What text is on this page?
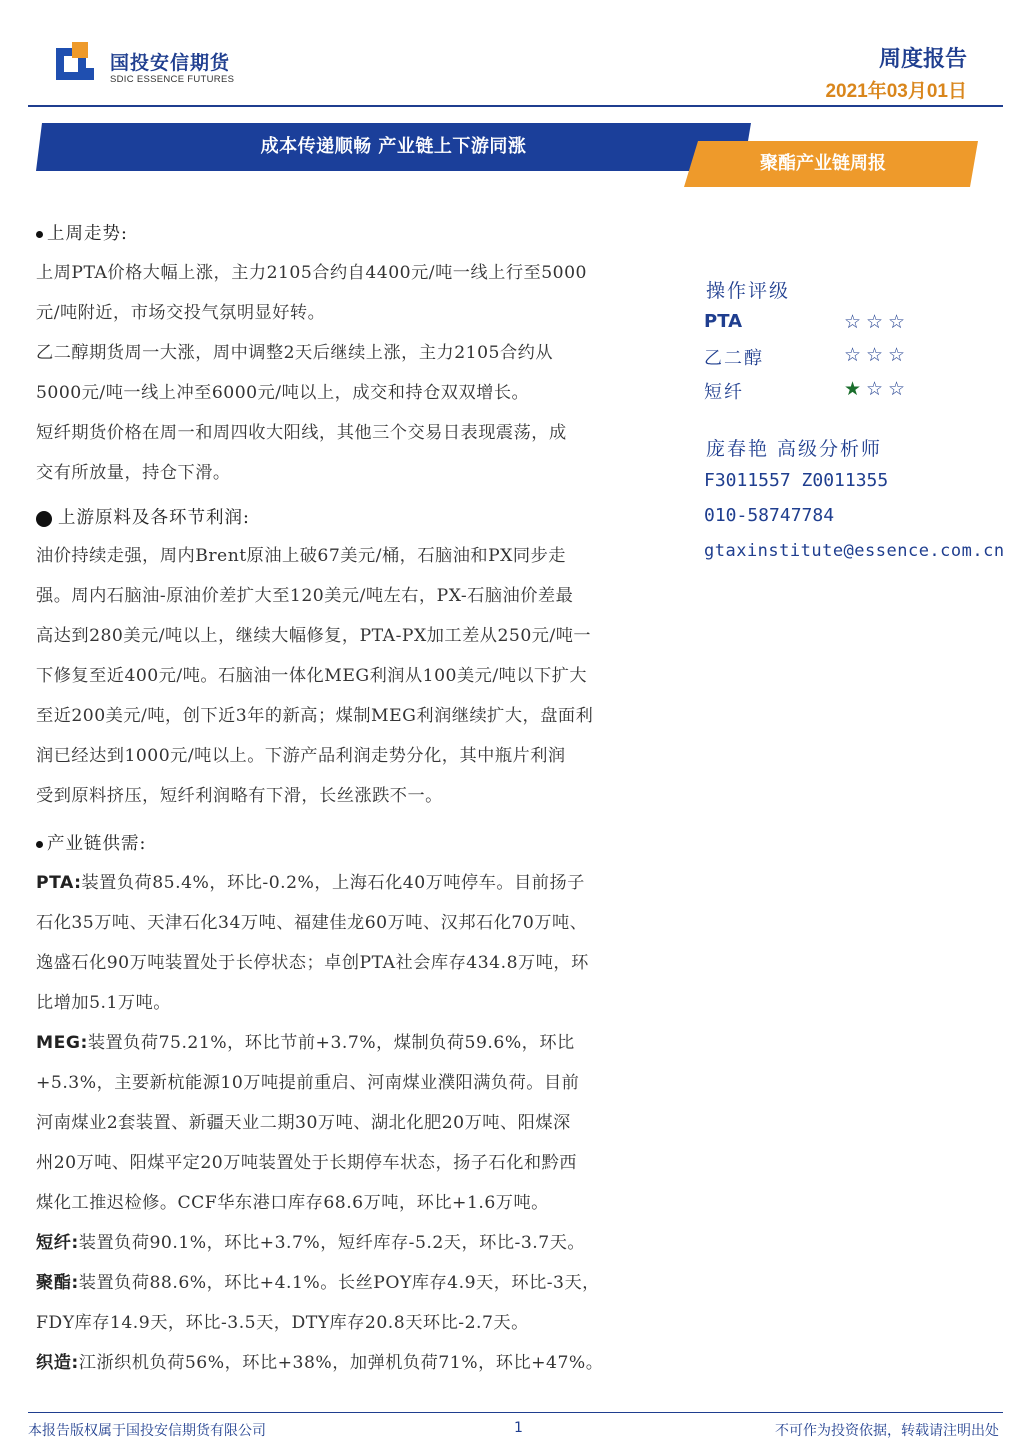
国投安信期货
SDIC ESSENCE FUTURES
周度报告
2021年03月01日
成本传递顺畅 产业链上下游同涨
聚酯产业链周报
操作评级
PTA	☆ ☆ ☆
乙二醇	☆ ☆ ☆
短纤	★ ☆ ☆
庞春艳 高级分析师
F3011557 Z0011355
010-58747784
gtaxinstitute@essence.com.cn
上周走势:
上周PTA价格大幅上涨，主力2105合约自4400元/吨一线上行至5000
元/吨附近，市场交投气氛明显好转。
乙二醇期货周一大涨，周中调整2天后继续上涨，主力2105合约从
5000元/吨一线上冲至6000元/吨以上，成交和持仓双双增长。
短纤期货价格在周一和周四收大阳线，其他三个交易日表现震荡，成
交有所放量，持仓下滑。
上游原料及各环节利润:
油价持续走强，周内Brent原油上破67美元/桶，石脑油和PX同步走
强。周内石脑油-原油价差扩大至120美元/吨左右，PX-石脑油价差最
高达到280美元/吨以上，继续大幅修复，PTA-PX加工差从250元/吨一
下修复至近400元/吨。石脑油一体化MEG利润从100美元/吨以下扩大
至近200美元/吨，创下近3年的新高；煤制MEG利润继续扩大，盘面利
润已经达到1000元/吨以上。下游产品利润走势分化，其中瓶片利润
受到原料挤压，短纤利润略有下滑，长丝涨跌不一。
产业链供需:
PTA:装置负荷85.4%，环比-0.2%，上海石化40万吨停车。目前扬子
石化35万吨、天津石化34万吨、福建佳龙60万吨、汉邦石化70万吨、
逸盛石化90万吨装置处于长停状态；卓创PTA社会库存434.8万吨，环
比增加5.1万吨。
MEG:装置负荷75.21%，环比节前+3.7%，煤制负荷59.6%，环比
+5.3%，主要新杭能源10万吨提前重启、河南煤业濮阳满负荷。目前
河南煤业2套装置、新疆天业二期30万吨、湖北化肥20万吨、阳煤深
州20万吨、阳煤平定20万吨装置处于长期停车状态，扬子石化和黔西
煤化工推迟检修。CCF华东港口库存68.6万吨，环比+1.6万吨。
短纤:装置负荷90.1%，环比+3.7%，短纤库存-5.2天，环比-3.7天。
聚酯:装置负荷88.6%，环比+4.1%。长丝POY库存4.9天，环比-3天，
FDY库存14.9天，环比-3.5天，DTY库存20.8天环比-2.7天。
织造:江浙织机负荷56%，环比+38%，加弹机负荷71%，环比+47%。
本报告版权属于国投安信期货有限公司	1	不可作为投资依据，转载请注明出处
